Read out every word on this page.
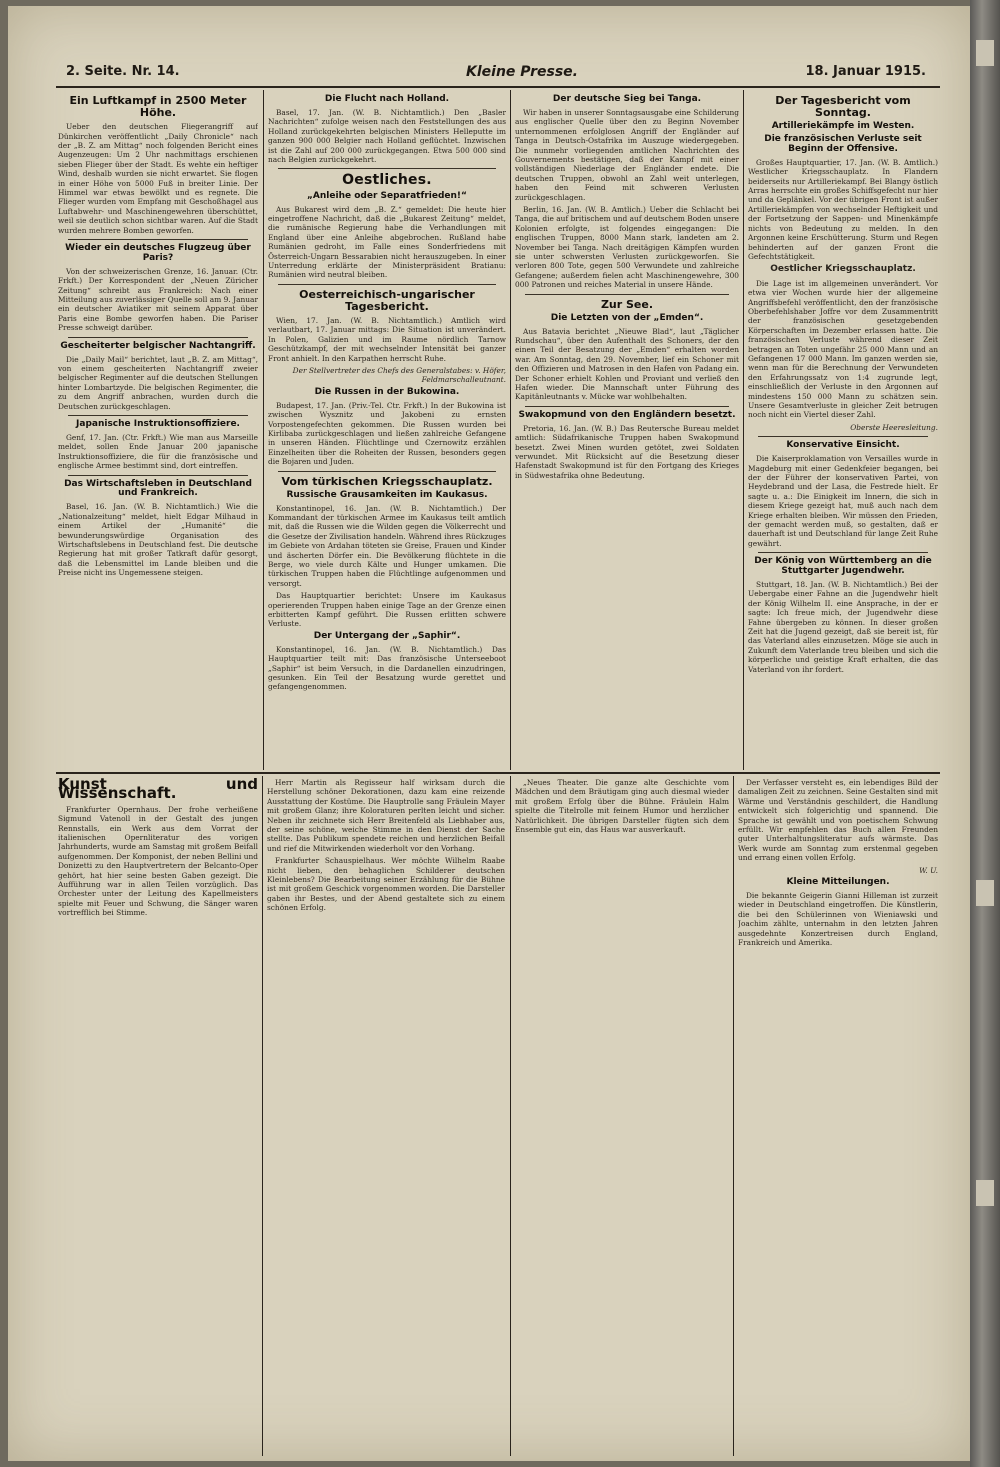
2. Seite. Nr. 14.	Kleine Presse.	18. Januar 1915.
Ein Luftkampf in 2500 Meter Höhe.

Ueber den deutschen Fliegerangriff auf Dünkirchen veröffentlicht „Daily Chronicle“ nach der „B. Z. am Mittag“ noch folgenden Bericht eines Augenzeugen: Um 2 Uhr nachmittags erschienen sieben Flieger über der Stadt. Es wehte ein heftiger Wind, deshalb wurden sie nicht erwartet. Sie flogen in einer Höhe von 5000 Fuß in breiter Linie. Der Himmel war etwas bewölkt und es regnete. Die Flieger wurden vom Empfang mit Geschoßhagel aus Luftabwehr- und Maschinengewehren überschüttet, weil sie deutlich schon sichtbar waren. Auf die Stadt wurden mehrere Bomben geworfen.

Wieder ein deutsches Flugzeug über Paris?

Von der schweizerischen Grenze, 16. Januar. (Ctr. Frkft.) Der Korrespondent der „Neuen Züricher Zeitung“ schreibt aus Frankreich: Nach einer Mitteilung aus zuverlässiger Quelle soll am 9. Januar ein deutscher Aviatiker mit seinem Apparat über Paris eine Bombe geworfen haben. Die Pariser Presse schweigt darüber.

Gescheiterter belgischer Nachtangriff.

Die „Daily Mail“ berichtet, laut „B. Z. am Mittag“, von einem gescheiterten Nachtangriff zweier belgischer Regimenter auf die deutschen Stellungen hinter Lombartzyde. Die belgischen Regimenter, die zu dem Angriff anbrachen, wurden durch die Deutschen zurückgeschlagen.

Japanische Instruktionsoffiziere.

Genf, 17. Jan. (Ctr. Frkft.) Wie man aus Marseille meldet, sollen Ende Januar 200 japanische Instruktionsoffiziere, die für die französische und englische Armee bestimmt sind, dort eintreffen.

Das Wirtschaftsleben in Deutschland und Frankreich.

Basel, 16. Jan. (W. B. Nichtamtlich.) Wie die „Nationalzeitung“ meldet, hielt Edgar Milhaud in einem Artikel der „Humanité“ die bewunderungswürdige Organisation des Wirtschaftslebens in Deutschland fest. Die deutsche Regierung hat mit großer Tatkraft dafür gesorgt, daß die Lebensmittel im Lande bleiben und die Preise nicht ins Ungemessene steigen.

Die Flucht nach Holland.

Basel, 17. Jan. (W. B. Nichtamtlich.) Den „Basler Nachrichten“ zufolge weisen nach den Feststellungen des aus Holland zurückgekehrten belgischen Ministers Helleputte im ganzen 900 000 Belgier nach Holland geflüchtet. Inzwischen ist die Zahl auf 200 000 zurückgegangen. Etwa 500 000 sind nach Belgien zurückgekehrt.

Oestliches.
„Anleihe oder Separatfrieden!“

Aus Bukarest wird dem „B. Z.“ gemeldet: Die heute hier eingetroffene Nachricht, daß die „Bukarest Zeitung“ meldet, die rumänische Regierung habe die Verhandlungen mit England über eine Anleihe abgebrochen. Rußland habe Rumänien gedroht, im Falle eines Sonderfriedens mit Österreich-Ungarn Bessarabien nicht herauszugeben. In einer Unterredung erklärte der Ministerpräsident Bratianu: Rumänien wird neutral bleiben.

Oesterreichisch-ungarischer Tagesbericht.

Wien, 17. Jan. (W. B. Nichtamtlich.) Amtlich wird verlautbart, 17. Januar mittags: Die Situation ist unverändert. In Polen, Galizien und im Raume nördlich Tarnow Geschützkampf, der mit wechselnder Intensität bei ganzer Front anhielt. In den Karpathen herrscht Ruhe.

Der Stellvertreter des Chefs des Generalstabes: v. Höfer, Feldmarschalleutnant.

Die Russen in der Bukowina.

Budapest, 17. Jan. (Priv.-Tel. Ctr. Frkft.) In der Bukowina ist zwischen Wysznitz und Jakobeni zu ernsten Vorpostengefechten gekommen. Die Russen wurden bei Kirlibaba zurückgeschlagen und ließen zahlreiche Gefangene in unseren Händen. Flüchtlinge und Czernowitz erzählen Einzelheiten über die Roheiten der Russen, besonders gegen die Bojaren und Juden.

Vom türkischen Kriegsschauplatz.
Russische Grausamkeiten im Kaukasus.

Konstantinopel, 16. Jan. (W. B. Nichtamtlich.) Der Kommandant der türkischen Armee im Kaukasus teilt amtlich mit, daß die Russen wie die Wilden gegen die Völkerrecht und die Gesetze der Zivilisation handeln. Während ihres Rückzuges im Gebiete von Ardahan töteten sie Greise, Frauen und Kinder und äscherten Dörfer ein. Die Bevölkerung flüchtete in die Berge, wo viele durch Kälte und Hunger umkamen. Die türkischen Truppen haben die Flüchtlinge aufgenommen und versorgt.

Das Hauptquartier berichtet: Unsere im Kaukasus operierenden Truppen haben einige Tage an der Grenze einen erbitterten Kampf geführt. Die Russen erlitten schwere Verluste.

Der Untergang der „Saphir“.

Konstantinopel, 16. Jan. (W. B. Nichtamtlich.) Das Hauptquartier teilt mit: Das französische Unterseeboot „Saphir“ ist beim Versuch, in die Dardanellen einzudringen, gesunken. Ein Teil der Besatzung wurde gerettet und gefangengenommen.

Der deutsche Sieg bei Tanga.

Wir haben in unserer Sonntagsausgabe eine Schilderung aus englischer Quelle über den zu Beginn November unternommenen erfolglosen Angriff der Engländer auf Tanga in Deutsch-Ostafrika im Auszuge wiedergegeben. Die nunmehr vorliegenden amtlichen Nachrichten des Gouvernements bestätigen, daß der Kampf mit einer vollständigen Niederlage der Engländer endete. Die deutschen Truppen, obwohl an Zahl weit unterlegen, haben den Feind mit schweren Verlusten zurückgeschlagen.

Berlin, 16. Jan. (W. B. Amtlich.) Ueber die Schlacht bei Tanga, die auf britischem und auf deutschem Boden unsere Kolonien erfolgte, ist folgendes eingegangen: Die englischen Truppen, 8000 Mann stark, landeten am 2. November bei Tanga. Nach dreitägigen Kämpfen wurden sie unter schwersten Verlusten zurückgeworfen. Sie verloren 800 Tote, gegen 500 Verwundete und zahlreiche Gefangene; außerdem fielen acht Maschinengewehre, 300 000 Patronen und reiches Material in unsere Hände.

Zur See.
Die Letzten von der „Emden“.

Aus Batavia berichtet „Nieuwe Blad“, laut „Täglicher Rundschau“, über den Aufenthalt des Schoners, der den einen Teil der Besatzung der „Emden“ erhalten worden war. Am Sonntag, den 29. November, lief ein Schoner mit den Offizieren und Matrosen in den Hafen von Padang ein. Der Schoner erhielt Kohlen und Proviant und verließ den Hafen wieder. Die Mannschaft unter Führung des Kapitänleutnants v. Mücke war wohlbehalten.

Swakopmund von den Engländern besetzt.

Pretoria, 16. Jan. (W. B.) Das Reutersche Bureau meldet amtlich: Südafrikanische Truppen haben Swakopmund besetzt. Zwei Minen wurden getötet, zwei Soldaten verwundet. Mit Rücksicht auf die Besetzung dieser Hafenstadt Swakopmund ist für den Fortgang des Krieges in Südwestafrika ohne Bedeutung.

Der Tagesbericht vom Sonntag.
Artilleriekämpfe im Westen.
Die französischen Verluste seit Beginn der Offensive.

Großes Hauptquartier, 17. Jan. (W. B. Amtlich.) Westlicher Kriegsschauplatz. In Flandern beiderseits nur Artilleriekampf. Bei Blangy östlich Arras herrschte ein großes Schiffsgefecht nur hier und da Geplänkel. Vor der übrigen Front ist außer Artilleriekämpfen von wechselnder Heftigkeit und der Fortsetzung der Sappen- und Minenkämpfe nichts von Bedeutung zu melden. In den Argonnen keine Erschütterung. Sturm und Regen behinderten auf der ganzen Front die Gefechtstätigkeit.

Oestlicher Kriegsschauplatz.

Die Lage ist im allgemeinen unverändert. Vor etwa vier Wochen wurde hier der allgemeine Angriffsbefehl veröffentlicht, den der französische Oberbefehlshaber Joffre vor dem Zusammentritt der französischen gesetzgebenden Körperschaften im Dezember erlassen hatte. Die französischen Verluste während dieser Zeit betragen an Toten ungefähr 25 000 Mann und an Gefangenen 17 000 Mann. Im ganzen werden sie, wenn man für die Berechnung der Verwundeten den Erfahrungssatz von 1:4 zugrunde legt, einschließlich der Verluste in den Argonnen auf mindestens 150 000 Mann zu schätzen sein. Unsere Gesamtverluste in gleicher Zeit betrugen noch nicht ein Viertel dieser Zahl.

Oberste Heeresleitung.

Konservative Einsicht.

Die Kaiserproklamation von Versailles wurde in Magdeburg mit einer Gedenkfeier begangen, bei der der Führer der konservativen Partei, von Heydebrand und der Lasa, die Festrede hielt. Er sagte u. a.: Die Einigkeit im Innern, die sich in diesem Kriege gezeigt hat, muß auch nach dem Kriege erhalten bleiben. Wir müssen den Frieden, der gemacht werden muß, so gestalten, daß er dauerhaft ist und Deutschland für lange Zeit Ruhe gewährt.

Der König von Württemberg an die Stuttgarter Jugendwehr.

Stuttgart, 18. Jan. (W. B. Nichtamtlich.) Bei der Uebergabe einer Fahne an die Jugendwehr hielt der König Wilhelm II. eine Ansprache, in der er sagte: Ich freue mich, der Jugendwehr diese Fahne übergeben zu können. In dieser großen Zeit hat die Jugend gezeigt, daß sie bereit ist, für das Vaterland alles einzusetzen. Möge sie auch in Zukunft dem Vaterlande treu bleiben und sich die körperliche und geistige Kraft erhalten, die das Vaterland von ihr fordert.

Kunst und Wissenschaft.

Frankfurter Opernhaus. Der frohe verheißene Sigmund Vatenoll in der Gestalt des jungen Rennstalls, ein Werk aus dem Vorrat der italienischen Opernliteratur des vorigen Jahrhunderts, wurde am Samstag mit großem Beifall aufgenommen. Der Komponist, der neben Bellini und Donizetti zu den Hauptvertretern der Belcanto-Oper gehört, hat hier seine besten Gaben gezeigt. Die Aufführung war in allen Teilen vorzüglich. Das Orchester unter der Leitung des Kapellmeisters spielte mit Feuer und Schwung, die Sänger waren vortrefflich bei Stimme.

Herr Martin als Regisseur half wirksam durch die Herstellung schöner Dekorationen, dazu kam eine reizende Ausstattung der Kostüme. Die Hauptrolle sang Fräulein Mayer mit großem Glanz; ihre Koloraturen perlten leicht und sicher. Neben ihr zeichnete sich Herr Breitenfeld als Liebhaber aus, der seine schöne, weiche Stimme in den Dienst der Sache stellte. Das Publikum spendete reichen und herzlichen Beifall und rief die Mitwirkenden wiederholt vor den Vorhang.

Frankfurter Schauspielhaus. Wer möchte Wilhelm Raabe nicht lieben, den behaglichen Schilderer deutschen Kleinlebens? Die Bearbeitung seiner Erzählung für die Bühne ist mit großem Geschick vorgenommen worden. Die Darsteller gaben ihr Bestes, und der Abend gestaltete sich zu einem schönen Erfolg.

„Neues Theater. Die ganze alte Geschichte vom Mädchen und dem Bräutigam ging auch diesmal wieder mit großem Erfolg über die Bühne. Fräulein Halm spielte die Titelrolle mit feinem Humor und herzlicher Natürlichkeit. Die übrigen Darsteller fügten sich dem Ensemble gut ein, das Haus war ausverkauft.

Der Verfasser versteht es, ein lebendiges Bild der damaligen Zeit zu zeichnen. Seine Gestalten sind mit Wärme und Verständnis geschildert, die Handlung entwickelt sich folgerichtig und spannend. Die Sprache ist gewählt und von poetischem Schwung erfüllt. Wir empfehlen das Buch allen Freunden guter Unterhaltungsliteratur aufs wärmste. Das Werk wurde am Sonntag zum erstenmal gegeben und errang einen vollen Erfolg.

W. U.

Kleine Mitteilungen.

Die bekannte Geigerin Gianni Hilleman ist zurzeit wieder in Deutschland eingetroffen. Die Künstlerin, die bei den Schülerinnen von Wieniawski und Joachim zählte, unternahm in den letzten Jahren ausgedehnte Konzertreisen durch England, Frankreich und Amerika.
